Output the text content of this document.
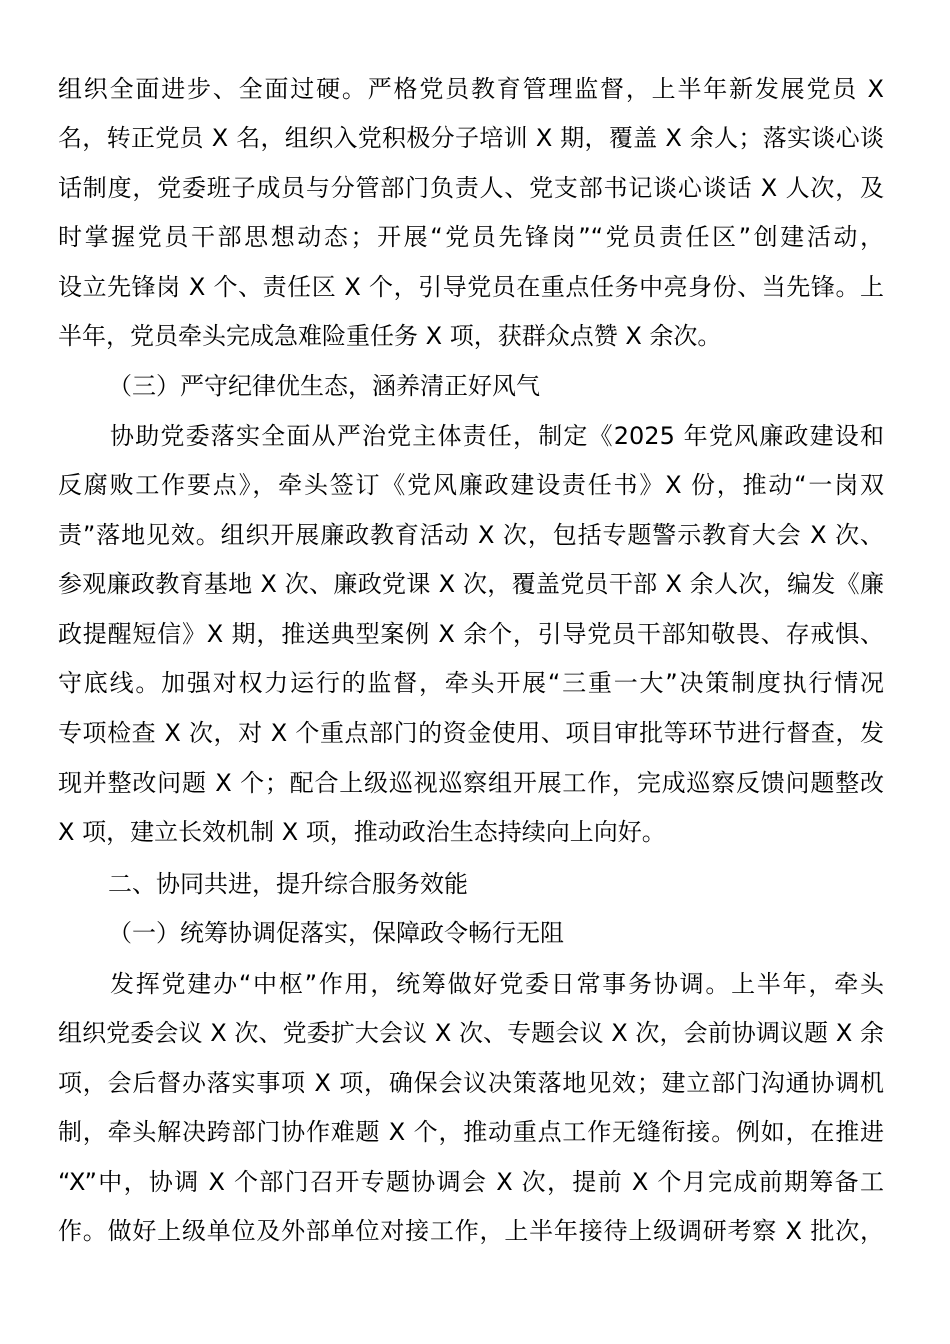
组织全面进步、全面过硬。严格党员教育管理监督，上半年新发展党员 X
名，转正党员 X 名，组织入党积极分子培训 X 期，覆盖 X 余人；落实谈心谈
话制度，党委班子成员与分管部门负责人、党支部书记谈心谈话 X 人次，及
时掌握党员干部思想动态；开展“党员先锋岗”“党员责任区”创建活动，
设立先锋岗 X 个、责任区 X 个，引导党员在重点任务中亮身份、当先锋。上
半年，党员牵头完成急难险重任务 X 项，获群众点赞 X 余次。
（三）严守纪律优生态，涵养清正好风气
协助党委落实全面从严治党主体责任，制定《2025 年党风廉政建设和
反腐败工作要点》，牵头签订《党风廉政建设责任书》X 份，推动“一岗双
责”落地见效。组织开展廉政教育活动 X 次，包括专题警示教育大会 X 次、
参观廉政教育基地 X 次、廉政党课 X 次，覆盖党员干部 X 余人次，编发《廉
政提醒短信》X 期，推送典型案例 X 余个，引导党员干部知敬畏、存戒惧、
守底线。加强对权力运行的监督，牵头开展“三重一大”决策制度执行情况
专项检查 X 次，对 X 个重点部门的资金使用、项目审批等环节进行督查，发
现并整改问题 X 个；配合上级巡视巡察组开展工作，完成巡察反馈问题整改
X 项，建立长效机制 X 项，推动政治生态持续向上向好。
二、协同共进，提升综合服务效能
（一）统筹协调促落实，保障政令畅行无阻
发挥党建办“中枢”作用，统筹做好党委日常事务协调。上半年，牵头
组织党委会议 X 次、党委扩大会议 X 次、专题会议 X 次，会前协调议题 X 余
项，会后督办落实事项 X 项，确保会议决策落地见效；建立部门沟通协调机
制，牵头解决跨部门协作难题 X 个，推动重点工作无缝衔接。例如，在推进
“X”中，协调 X 个部门召开专题协调会 X 次，提前 X 个月完成前期筹备工
作。做好上级单位及外部单位对接工作，上半年接待上级调研考察 X 批次，
